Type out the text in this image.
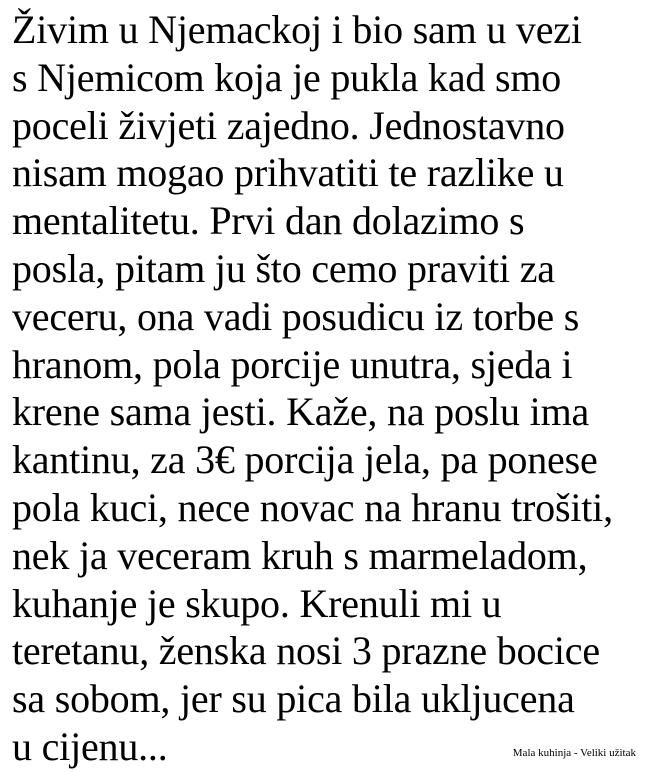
Živim u Njemackoj i bio sam u vezi
s Njemicom koja je pukla kad smo
poceli živjeti zajedno. Jednostavno
nisam mogao prihvatiti te razlike u
mentalitetu. Prvi dan dolazimo s
posla, pitam ju što cemo praviti za
veceru, ona vadi posudicu iz torbe s
hranom, pola porcije unutra, sjeda i
krene sama jesti. Kaže, na poslu ima
kantinu, za 3€ porcija jela, pa ponese
pola kuci, nece novac na hranu trošiti,
nek ja veceram kruh s marmeladom,
kuhanje je skupo. Krenuli mi u
teretanu, ženska nosi 3 prazne bocice
sa sobom, jer su pica bila ukljucena
u cijenu...	Mala kuhinja - Veliki užitak
